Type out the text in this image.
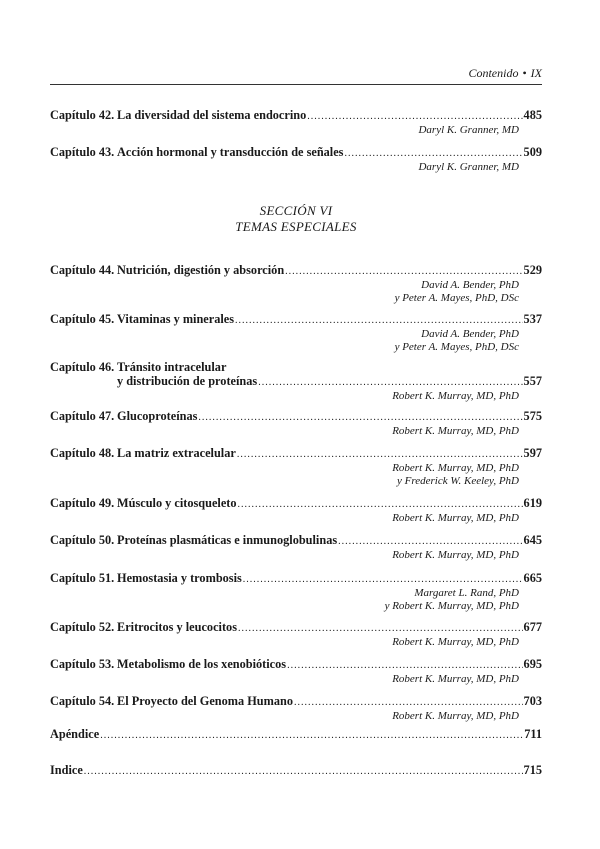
Contenido • IX
Capítulo 42. La diversidad del sistema endocrino .....	485
Daryl K. Granner, MD
Capítulo 43. Acción hormonal y transducción de señales .....	509
Daryl K. Granner, MD
SECCIÓN VI
TEMAS ESPECIALES
Capítulo 44. Nutrición, digestión y absorción .....	529
David A. Bender, PhD
y Peter A. Mayes, PhD, DSc
Capítulo 45. Vitaminas y minerales .....	537
David A. Bender, PhD
y Peter A. Mayes, PhD, DSc
Capítulo 46. Tránsito intracelular
y distribución de proteínas .....	557
Robert K. Murray, MD, PhD
Capítulo 47. Glucoproteínas .....	575
Robert K. Murray, MD, PhD
Capítulo 48. La matriz extracelular .....	597
Robert K. Murray, MD, PhD
y Frederick W. Keeley, PhD
Capítulo 49. Músculo y citosqueleto .....	619
Robert K. Murray, MD, PhD
Capítulo 50. Proteínas plasmáticas e inmunoglobulinas .....	645
Robert K. Murray, MD, PhD
Capítulo 51. Hemostasia y trombosis .....	665
Margaret L. Rand, PhD
y Robert K. Murray, MD, PhD
Capítulo 52. Eritrocitos y leucocitos .....	677
Robert K. Murray, MD, PhD
Capítulo 53. Metabolismo de los xenobióticos .....	695
Robert K. Murray, MD, PhD
Capítulo 54. El Proyecto del Genoma Humano .....	703
Robert K. Murray, MD, PhD
Apéndice .....	711
Indice .....	715
